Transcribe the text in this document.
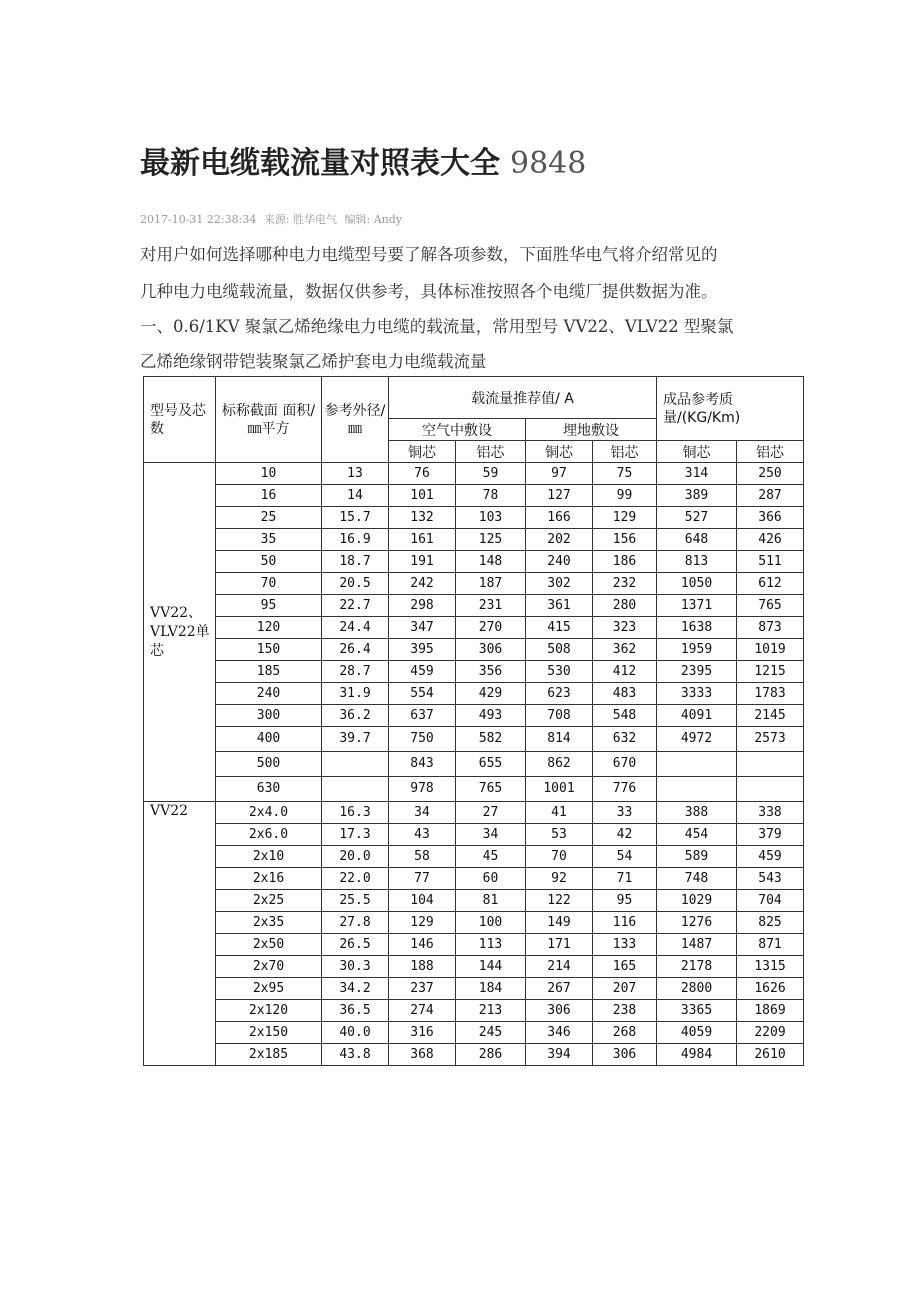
最新电缆载流量对照表大全 9848
2017-10-31 22:38:34 来源: 胜华电气 编辑: Andy
对用户如何选择哪种电力电缆型号要了解各项参数，下面胜华电气将介绍常见的
几种电力电缆载流量，数据仅供参考，具体标准按照各个电缆厂提供数据为准。
一、0.6/1KV 聚氯乙烯绝缘电力电缆的载流量，常用型号 VV22、VLV22 型聚氯
乙烯绝缘钢带铠装聚氯乙烯护套电力电缆载流量
型号及芯数	标称截面 面积/㎜平方	参考外径/ ㎜	载流量推荐值/ A				成品参考质量/(KG/Km)	
			空气中敷设		埋地敷设			
			铜芯	铝芯	铜芯	铝芯	铜芯	铝芯
VV22、VLV22单芯	10	13	76	59	97	75	314	250
	16	14	101	78	127	99	389	287
	25	15.7	132	103	166	129	527	366
	35	16.9	161	125	202	156	648	426
	50	18.7	191	148	240	186	813	511
	70	20.5	242	187	302	232	1050	612
	95	22.7	298	231	361	280	1371	765
	120	24.4	347	270	415	323	1638	873
	150	26.4	395	306	508	362	1959	1019
	185	28.7	459	356	530	412	2395	1215
	240	31.9	554	429	623	483	3333	1783
	300	36.2	637	493	708	548	4091	2145
	400	39.7	750	582	814	632	4972	2573
	500		843	655	862	670		
	630		978	765	1001	776		
VV22	2x4.0	16.3	34	27	41	33	388	338
	2x6.0	17.3	43	34	53	42	454	379
	2x10	20.0	58	45	70	54	589	459
	2x16	22.0	77	60	92	71	748	543
	2x25	25.5	104	81	122	95	1029	704
	2x35	27.8	129	100	149	116	1276	825
	2x50	26.5	146	113	171	133	1487	871
	2x70	30.3	188	144	214	165	2178	1315
	2x95	34.2	237	184	267	207	2800	1626
	2x120	36.5	274	213	306	238	3365	1869
	2x150	40.0	316	245	346	268	4059	2209
	2x185	43.8	368	286	394	306	4984	2610
